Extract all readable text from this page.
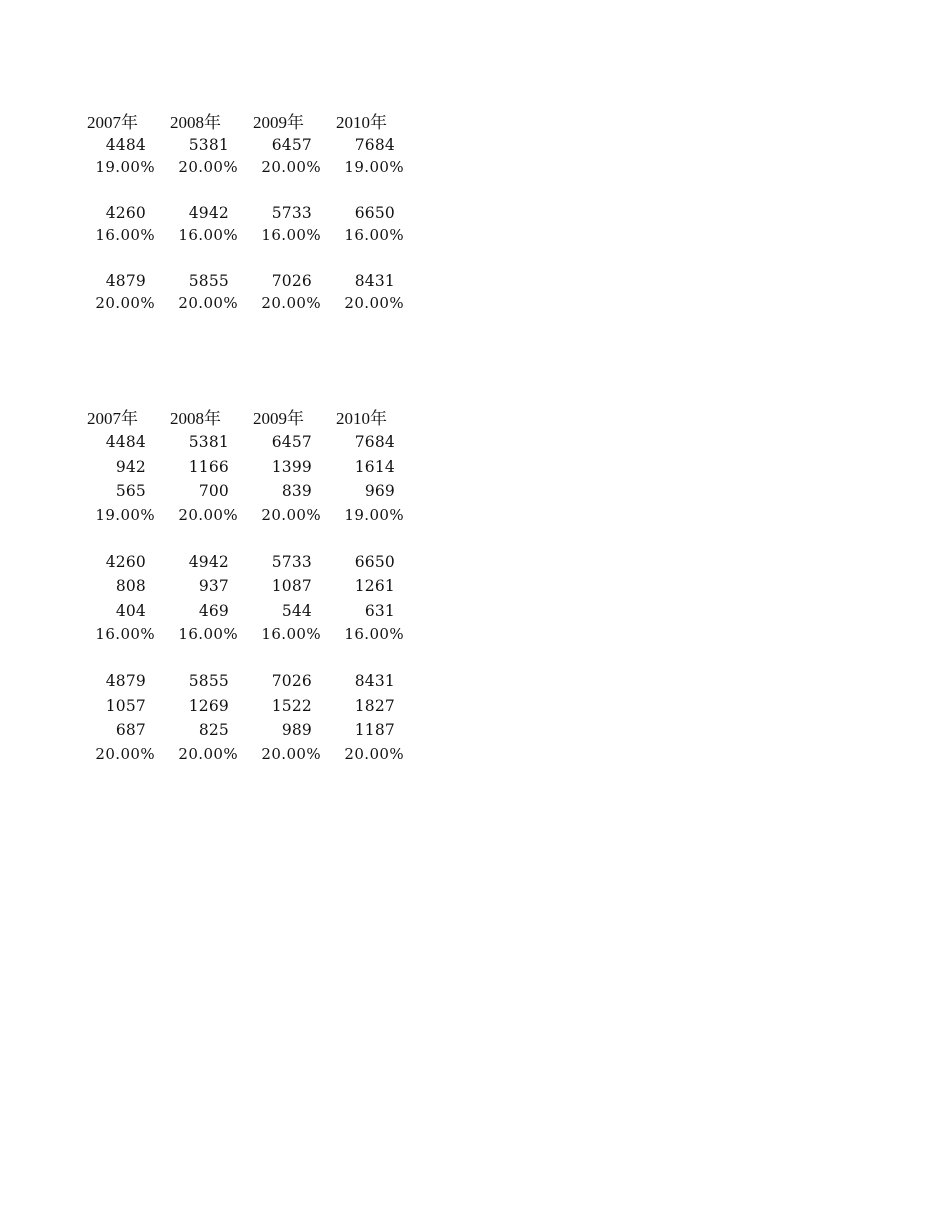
2007年	2008年	2009年	2010年
4484	5381	6457	7684
19.00%	20.00%	20.00%	19.00%
4260	4942	5733	6650
16.00%	16.00%	16.00%	16.00%
4879	5855	7026	8431
20.00%	20.00%	20.00%	20.00%
2007年	2008年	2009年	2010年
4484	5381	6457	7684
942	1166	1399	1614
565	700	839	969
19.00%	20.00%	20.00%	19.00%
4260	4942	5733	6650
808	937	1087	1261
404	469	544	631
16.00%	16.00%	16.00%	16.00%
4879	5855	7026	8431
1057	1269	1522	1827
687	825	989	1187
20.00%	20.00%	20.00%	20.00%
